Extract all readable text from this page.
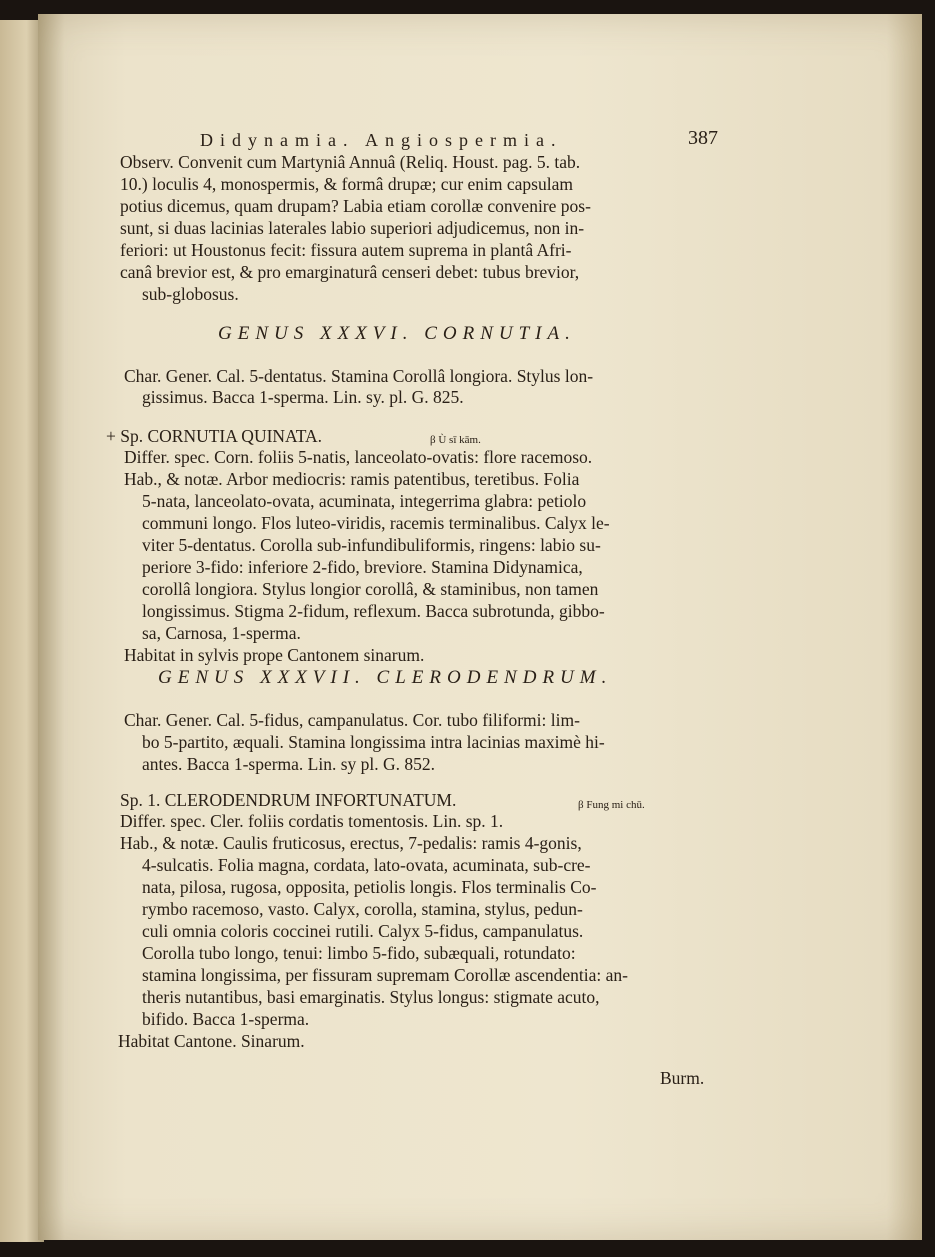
Didynamia. Angiospermia.	387
Observ. Convenit cum Martyniâ Annuâ (Reliq. Houst. pag. 5. tab.
10.) loculis 4, monospermis, & formâ drupæ; cur enim capsulam
potius dicemus, quam drupam? Labia etiam corollæ convenire pos-
sunt, si duas lacinias laterales labio superiori adjudicemus, non in-
feriori: ut Houstonus fecit: fissura autem suprema in plantâ Afri-
canâ brevior est, & pro emarginaturâ censeri debet: tubus brevior,
sub-globosus.
GENUS XXXVI. CORNUTIA.
Char. Gener. Cal. 5-dentatus. Stamina Corollâ longiora. Stylus lon-
gissimus. Bacca 1-sperma. Lin. sy. pl. G. 825.
+ Sp. CORNUTIA QUINATA.	β Ù sī kām.
Differ. spec. Corn. foliis 5-natis, lanceolato-ovatis: flore racemoso.
Hab., & notæ. Arbor mediocris: ramis patentibus, teretibus. Folia
5-nata, lanceolato-ovata, acuminata, integerrima glabra: petiolo
communi longo. Flos luteo-viridis, racemis terminalibus. Calyx le-
viter 5-dentatus. Corolla sub-infundibuliformis, ringens: labio su-
periore 3-fido: inferiore 2-fido, breviore. Stamina Didynamica,
corollâ longiora. Stylus longior corollâ, & staminibus, non tamen
longissimus. Stigma 2-fidum, reflexum. Bacca subrotunda, gibbo-
sa, Carnosa, 1-sperma.
Habitat in sylvis prope Cantonem sinarum.
GENUS XXXVII. CLERODENDRUM.
Char. Gener. Cal. 5-fidus, campanulatus. Cor. tubo filiformi: lim-
bo 5-partito, æquali. Stamina longissima intra lacinias maximè hi-
antes. Bacca 1-sperma. Lin. sy pl. G. 852.
Sp. 1. CLERODENDRUM INFORTUNATUM.	β Fung mi chū.
Differ. spec. Cler. foliis cordatis tomentosis. Lin. sp. 1.
Hab., & notæ. Caulis fruticosus, erectus, 7-pedalis: ramis 4-gonis,
4-sulcatis. Folia magna, cordata, lato-ovata, acuminata, sub-cre-
nata, pilosa, rugosa, opposita, petiolis longis. Flos terminalis Co-
rymbo racemoso, vasto. Calyx, corolla, stamina, stylus, pedun-
culi omnia coloris coccinei rutili. Calyx 5-fidus, campanulatus.
Corolla tubo longo, tenui: limbo 5-fido, subæquali, rotundato:
stamina longissima, per fissuram supremam Corollæ ascendentia: an-
theris nutantibus, basi emarginatis. Stylus longus: stigmate acuto,
bifido. Bacca 1-sperma.
Habitat Cantone. Sinarum.
Burm.
